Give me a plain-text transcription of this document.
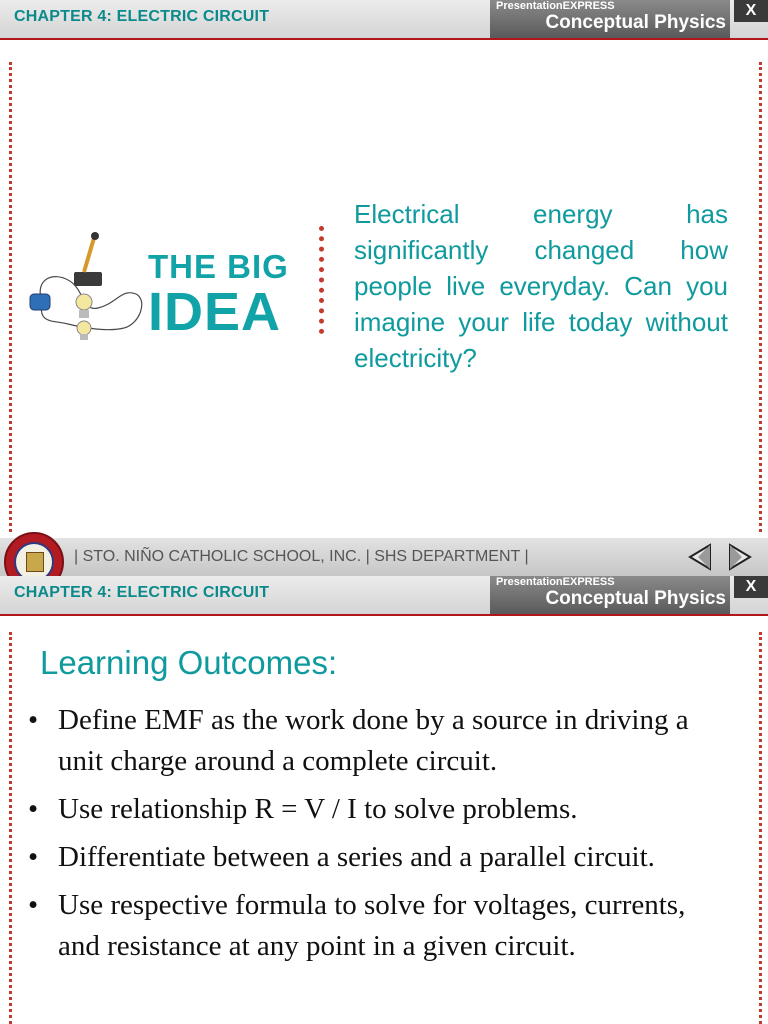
CHAPTER 4: ELECTRIC CIRCUIT
PresentationEXPRESS
Conceptual Physics
X
THE BIG
IDEA
Electrical energy has significantly changed how people live everyday. Can you imagine your life today without electricity?
| STO. NIÑO CATHOLIC SCHOOL, INC. | SHS DEPARTMENT |
CHAPTER 4: ELECTRIC CIRCUIT
PresentationEXPRESS
Conceptual Physics
X
Learning Outcomes:
• Define EMF as the work done by a source in driving a unit charge around a complete circuit.
• Use relationship R = V / I to solve problems.
• Differentiate between a series and a parallel circuit.
• Use respective formula to solve for voltages, currents, and resistance at any point in a given circuit.
